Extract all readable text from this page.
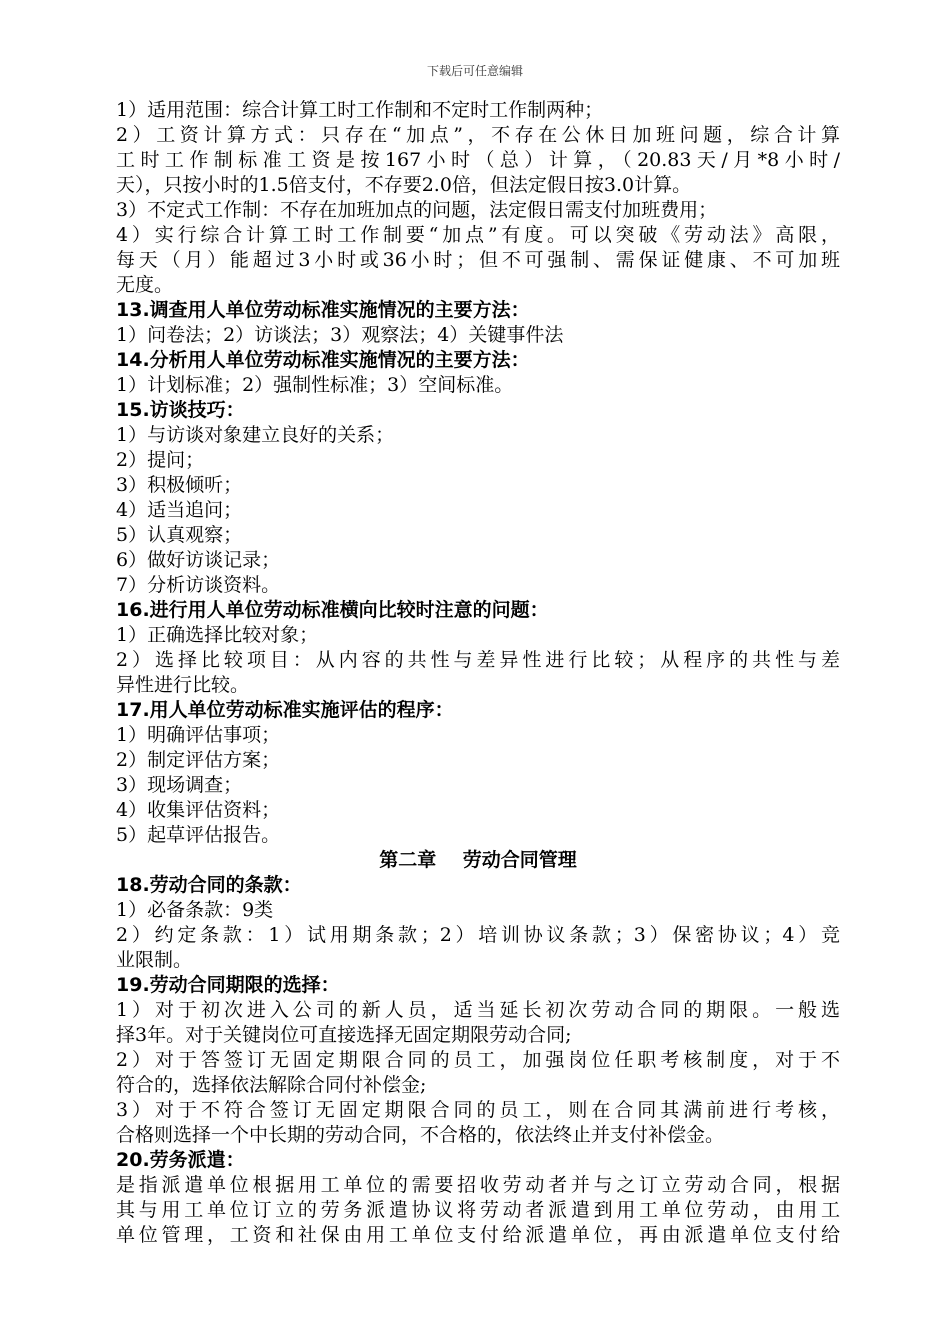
下载后可任意编辑
1）适用范围：综合计算工时工作制和不定时工作制两种；
2）工资计算方式：只存在“加点”，不存在公休日加班问题，综合计算
工时工作制标准工资是按167小时（总）计算，（20.83天/月*8小时/
天），只按小时的1.5倍支付，不存要2.0倍，但法定假日按3.0计算。
3）不定式工作制：不存在加班加点的问题，法定假日需支付加班费用；
4）实行综合计算工时工作制要“加点”有度。可以突破《劳动法》高限，
每天（月）能超过3小时或36小时；但不可强制、需保证健康、不可加班
无度。
13.调查用人单位劳动标准实施情况的主要方法：
1）问卷法；2）访谈法；3）观察法；4）关键事件法
14.分析用人单位劳动标准实施情况的主要方法：
1）计划标准；2）强制性标准；3）空间标准。
15.访谈技巧：
1）与访谈对象建立良好的关系；
2）提问；
3）积极倾听；
4）适当追问；
5）认真观察；
6）做好访谈记录；
7）分析访谈资料。
16.进行用人单位劳动标准横向比较时注意的问题：
1）正确选择比较对象；
2）选择比较项目：从内容的共性与差异性进行比较；从程序的共性与差
异性进行比较。
17.用人单位劳动标准实施评估的程序：
1）明确评估事项；
2）制定评估方案；
3）现场调查；
4）收集评估资料；
5）起草评估报告。
第二章    劳动合同管理
18.劳动合同的条款：
1）必备条款：9类
2）约定条款：1）试用期条款；2）培训协议条款；3）保密协议；4）竞
业限制。
19.劳动合同期限的选择：
1）对于初次进入公司的新人员，适当延长初次劳动合同的期限。一般选
择3年。对于关键岗位可直接选择无固定期限劳动合同;
2）对于答签订无固定期限合同的员工，加强岗位任职考核制度，对于不
符合的，选择依法解除合同付补偿金;
3）对于不符合签订无固定期限合同的员工，则在合同其满前进行考核，
合格则选择一个中长期的劳动合同，不合格的，依法终止并支付补偿金。
20.劳务派遣：
是指派遣单位根据用工单位的需要招收劳动者并与之订立劳动合同，根据
其与用工单位订立的劳务派遣协议将劳动者派遣到用工单位劳动，由用工
单位管理，工资和社保由用工单位支付给派遣单位，再由派遣单位支付给
